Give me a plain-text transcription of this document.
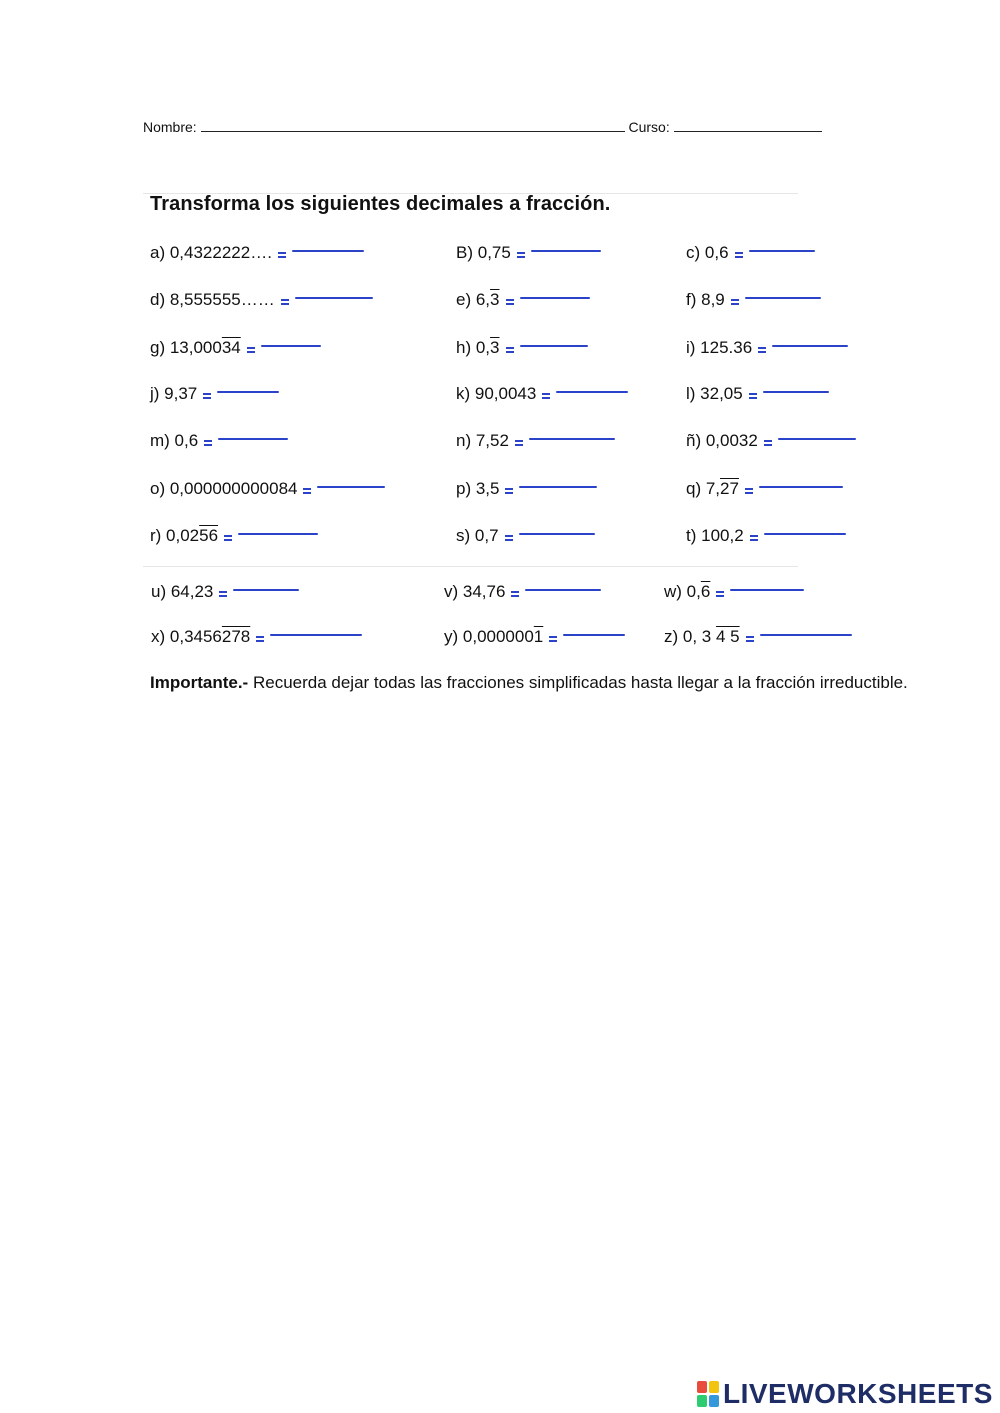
Nombre:	Curso:
Transforma los siguientes decimales a fracción.
a) 0,4322222….	B) 0,75	c) 0,6
d) 8,555555……	e) 6,3	f) 8,9
g) 13,00034	h) 0,3	i) 125.36
j) 9,37	k) 90,0043	l) 32,05
m) 0,6	n) 7,52	ñ) 0,0032
o) 0,000000000084	p) 3,5	q) 7,27
r) 0,0256	s) 0,7	t) 100,2
u) 64,23	v) 34,76	w) 0,6
x) 0,3456278	y) 0,0000001	z) 0, 3 4 5
Importante.- Recuerda dejar todas las fracciones simplificadas hasta llegar a la fracción irreductible.
LIVEWORKSHEETS
